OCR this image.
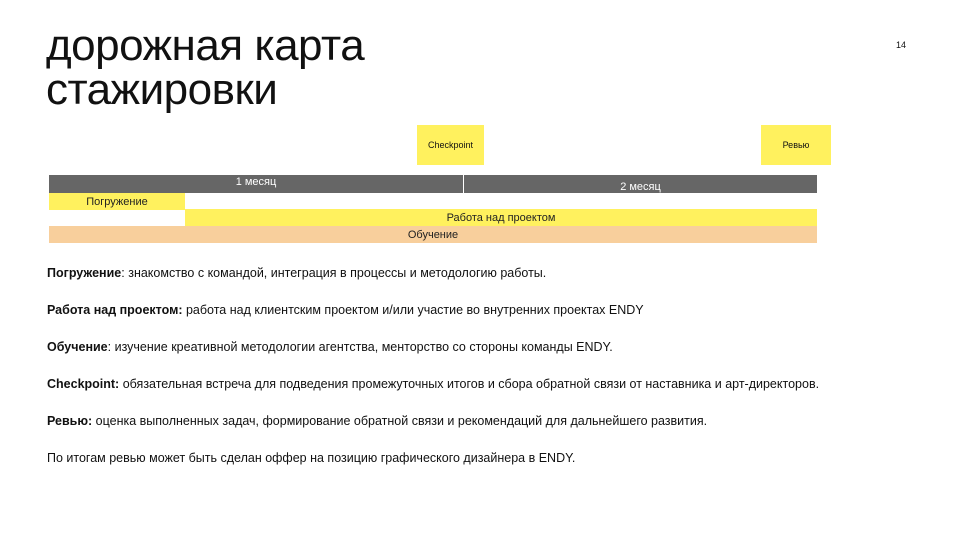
дорожная карта
стажировки
14
Checkpoint	Ревью
1 месяц	2 месяц
Погружение
Работа над проектом
Обучение

Погружение: знакомство с командой, интеграция в процессы и методологию работы.

Работа над проектом: работа над клиентским проектом и/или участие во внутренних проектах ENDY

Обучение: изучение креативной методологии агентства, менторство со стороны команды ENDY.

Checkpoint: обязательная встреча для подведения промежуточных итогов и сбора обратной связи от наставника и арт-директоров.

Ревью: оценка выполненных задач, формирование обратной связи и рекомендаций для дальнейшего развития.

По итогам ревью может быть сделан оффер на позицию графического дизайнера в ENDY.
